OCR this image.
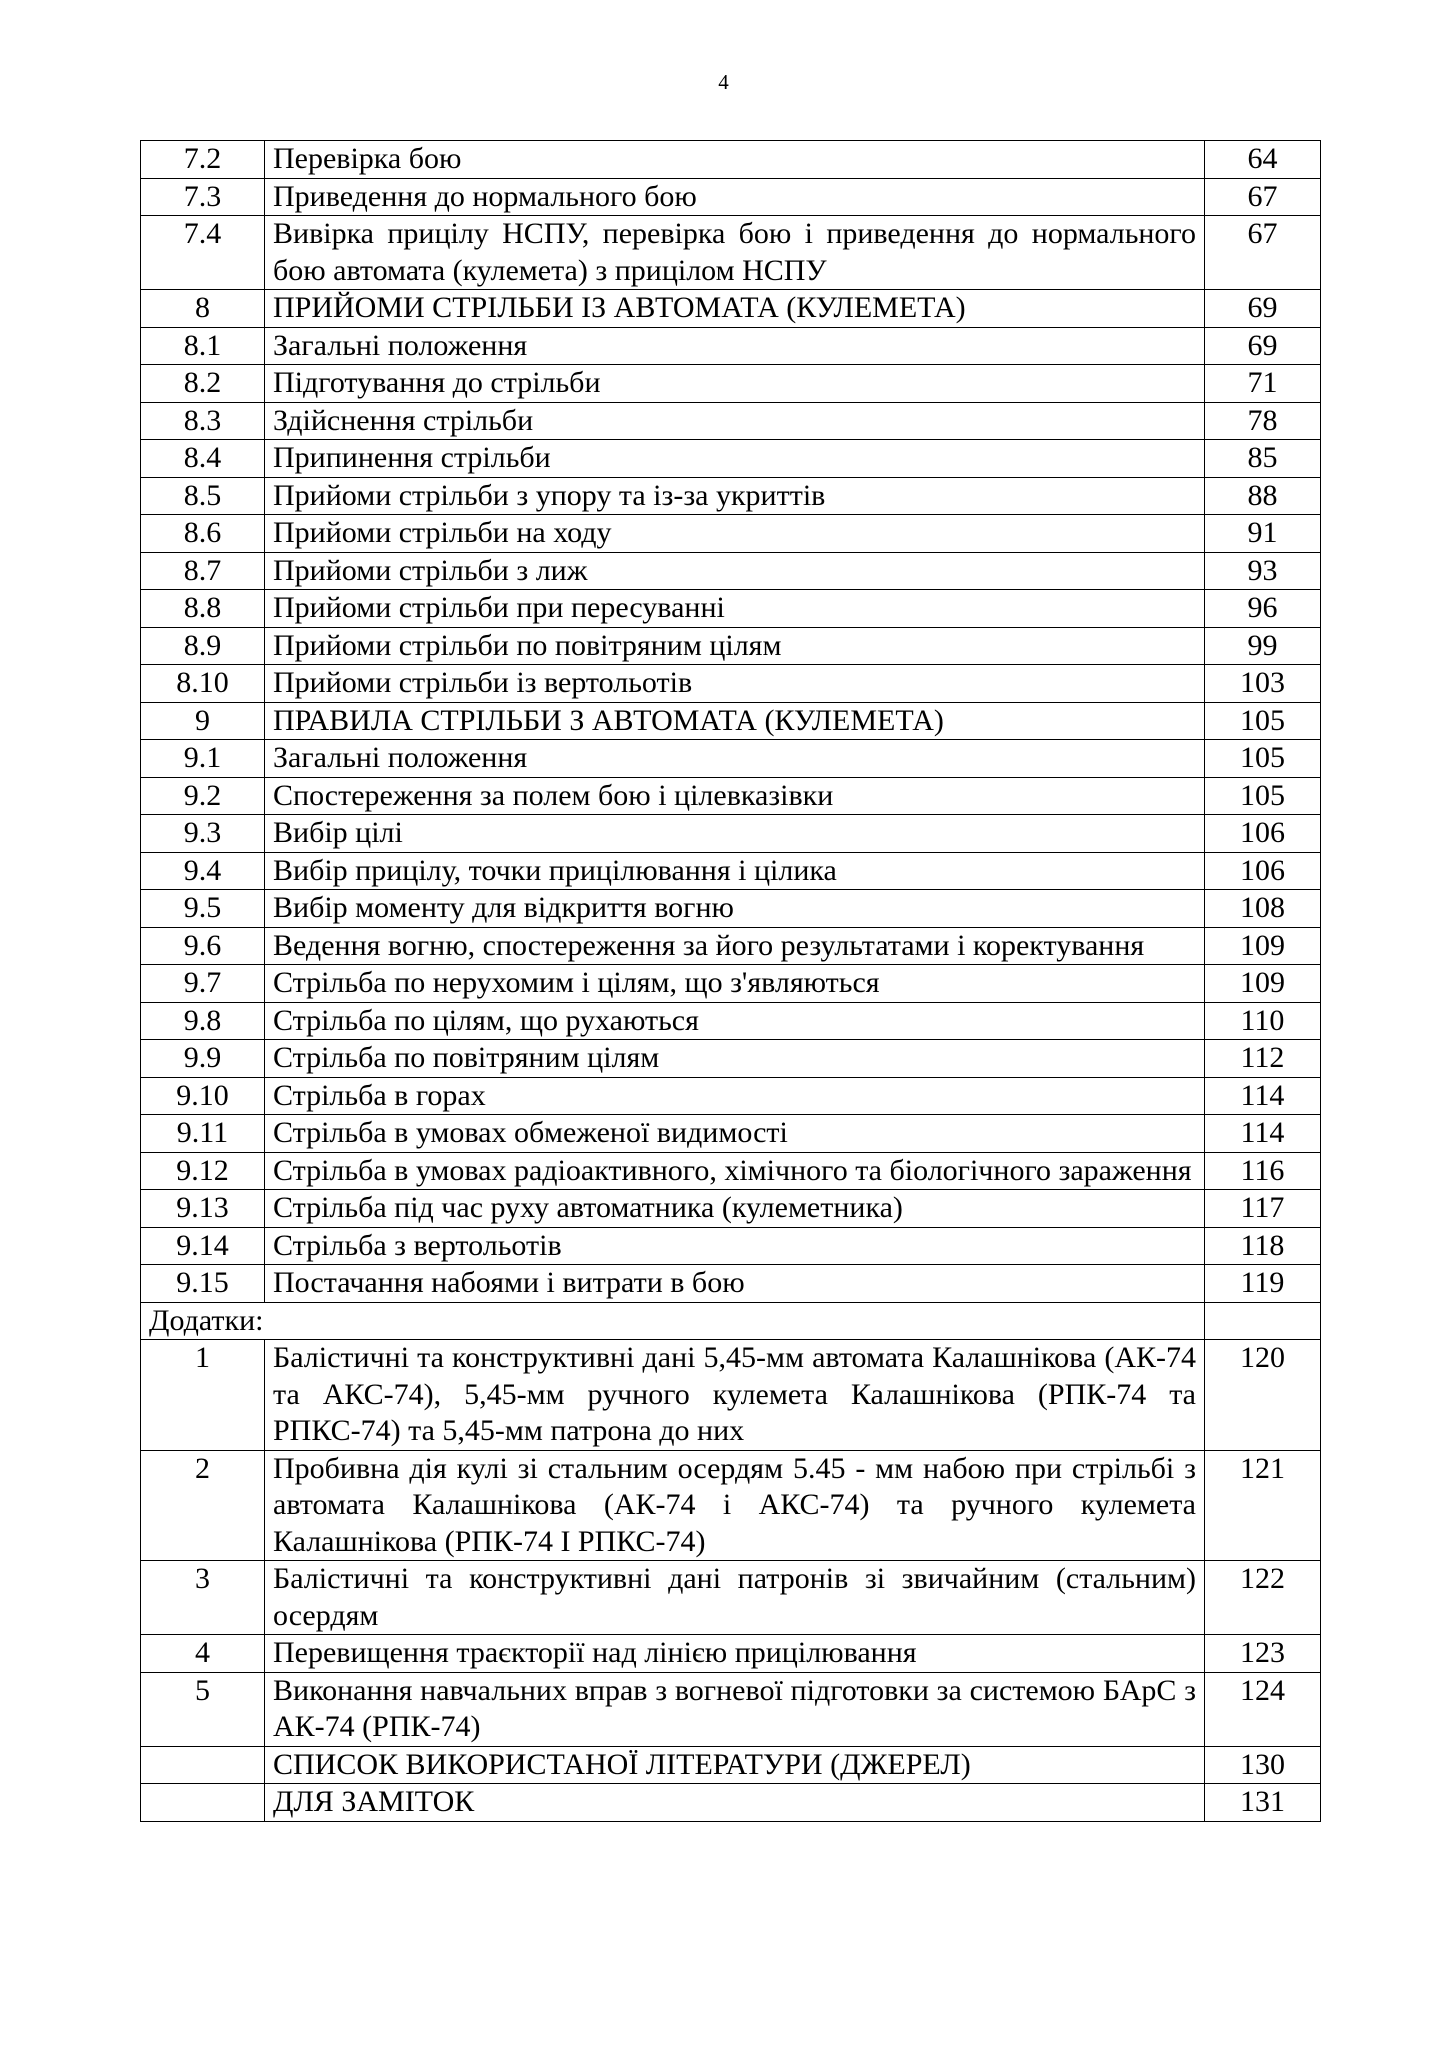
4
7.2	Перевірка бою	64
7.3	Приведення до нормального бою	67
7.4	Вивірка прицілу НСПУ, перевірка бою і приведення до нормального бою автомата (кулемета) з прицілом НСПУ	67
8	ПРИЙОМИ СТРІЛЬБИ ІЗ АВТОМАТА (КУЛЕМЕТА)	69
8.1	Загальні положення	69
8.2	Підготування до стрільби	71
8.3	Здійснення стрільби	78
8.4	Припинення стрільби	85
8.5	Прийоми стрільби з упору та із-за укриттів	88
8.6	Прийоми стрільби на ходу	91
8.7	Прийоми стрільби з лиж	93
8.8	Прийоми стрільби при пересуванні	96
8.9	Прийоми стрільби по повітряним цілям	99
8.10	Прийоми стрільби із вертольотів	103
9	ПРАВИЛА СТРІЛЬБИ З АВТОМАТА (КУЛЕМЕТА)	105
9.1	Загальні положення	105
9.2	Спостереження за полем бою і цілевказівки	105
9.3	Вибір цілі	106
9.4	Вибір прицілу, точки прицілювання і цілика	106
9.5	Вибір моменту для відкриття вогню	108
9.6	Ведення вогню, спостереження за його результатами і коректування	109
9.7	Стрільба по нерухомим і цілям, що з'являються	109
9.8	Стрільба по цілям, що рухаються	110
9.9	Стрільба по повітряним цілям	112
9.10	Стрільба в горах	114
9.11	Стрільба в умовах обмеженої видимості	114
9.12	Стрільба в умовах радіоактивного, хімічного та біологічного зараження	116
9.13	Стрільба під час руху автоматника (кулеметника)	117
9.14	Стрільба з вертольотів	118
9.15	Постачання набоями і витрати в бою	119
Додатки:		
1	Балістичні та конструктивні дані 5,45-мм автомата Калашнікова (АК-74 та АКС-74), 5,45-мм ручного кулемета Калашнікова (РПК-74 та РПКС-74) та 5,45-мм патрона до них	120
2	Пробивна дія кулі зі стальним осердям 5.45 - мм набою при стрільбі з автомата Калашнікова (АК-74 і АКС-74) та ручного кулемета Калашнікова (РПК-74 І РПКС-74)	121
3	Балістичні та конструктивні дані патронів зі звичайним (стальним) осердям	122
4	Перевищення траєкторії над лінією прицілювання	123
5	Виконання навчальних вправ з вогневої підготовки за системою БАрС з АК-74 (РПК-74)	124
	СПИСОК ВИКОРИСТАНОЇ ЛІТЕРАТУРИ (ДЖЕРЕЛ)	130
	ДЛЯ ЗАМІТОК	131
